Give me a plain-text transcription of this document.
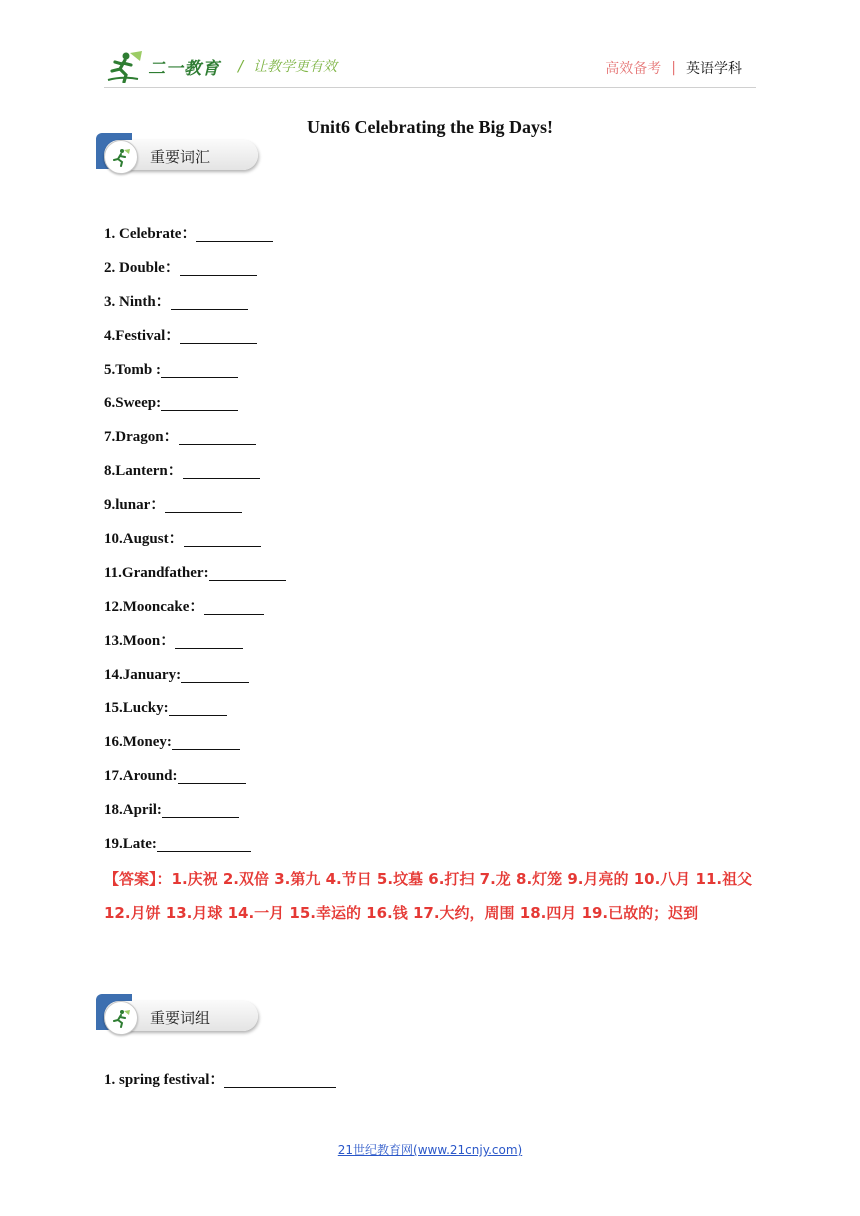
二一教育 / 让教学更有效	高效备考 | 英语学科
Unit6 Celebrating the Big Days!
重要词汇
1. Celebrate：
2. Double：
3. Ninth：
4.Festival：
5.Tomb :
6.Sweep:
7.Dragon：
8.Lantern：
9.lunar：
10.August：
11.Grandfather:
12.Mooncake：
13.Moon：
14.January:
15.Lucky:
16.Money:
17.Around:
18.April:
19.Late:
【答案】：1.庆祝 2.双倍 3.第九 4.节日 5.坟墓 6.打扫 7.龙 8.灯笼 9.月亮的 10.八月 11.祖父 12.月饼 13.月球 14.一月 15.幸运的 16.钱 17.大约，周围 18.四月 19.已故的；迟到
重要词组
1. spring festival：
21世纪教育网(www.21cnjy.com)
